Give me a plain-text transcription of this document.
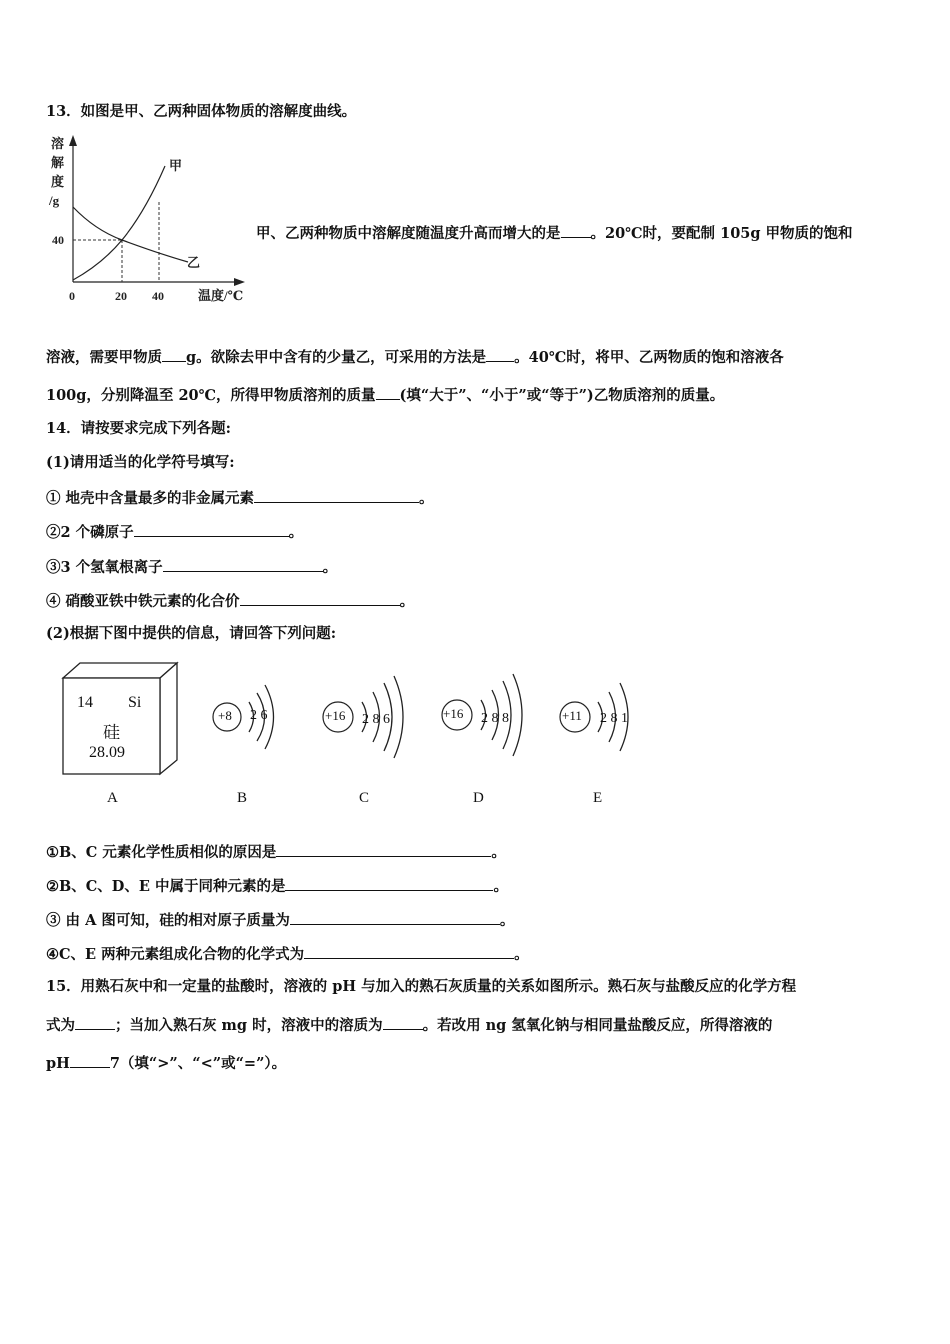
13．如图是甲、乙两种固体物质的溶解度曲线。
溶
解
度
/g
甲
乙
40
0	20 40	温度/℃
甲、乙两种物质中溶解度随温度升高而增大的是 。20℃时，要配制 105g 甲物质的饱和
溶液，需要甲物质 g。欲除去甲中含有的少量乙，可采用的方法是 。40℃时，将甲、乙两物质的饱和溶液各
100g，分别降温至 20℃，所得甲物质溶剂的质量 (填“大于”、“小于”或“等于”)乙物质溶剂的质量。
14．请按要求完成下列各题:
(1)请用适当的化学符号填写:
① 地壳中含量最多的非金属元素	。
②2 个磷原子	。
③3 个氢氧根离子	。
④ 硝酸亚铁中铁元素的化合价	。
(2)根据下图中提供的信息，请回答下列问题:
14 Si
硅
28.09
+8 2 6	+16 2 8 6	+16 2 8 8	+11 2 8 1
A	B	C	D	E
①B、C 元素化学性质相似的原因是	。
②B、C、D、E 中属于同种元素的是	。
③ 由 A 图可知，硅的相对原子质量为	。
④C、E 两种元素组成化合物的化学式为	。
15．用熟石灰中和一定量的盐酸时，溶液的 pH 与加入的熟石灰质量的关系如图所示。熟石灰与盐酸反应的化学方程
式为	；当加入熟石灰 mg 时，溶液中的溶质为	。若改用 ng 氢氧化钠与相同量盐酸反应，所得溶液的
pH	7（填“>”、“<”或“=”）。
